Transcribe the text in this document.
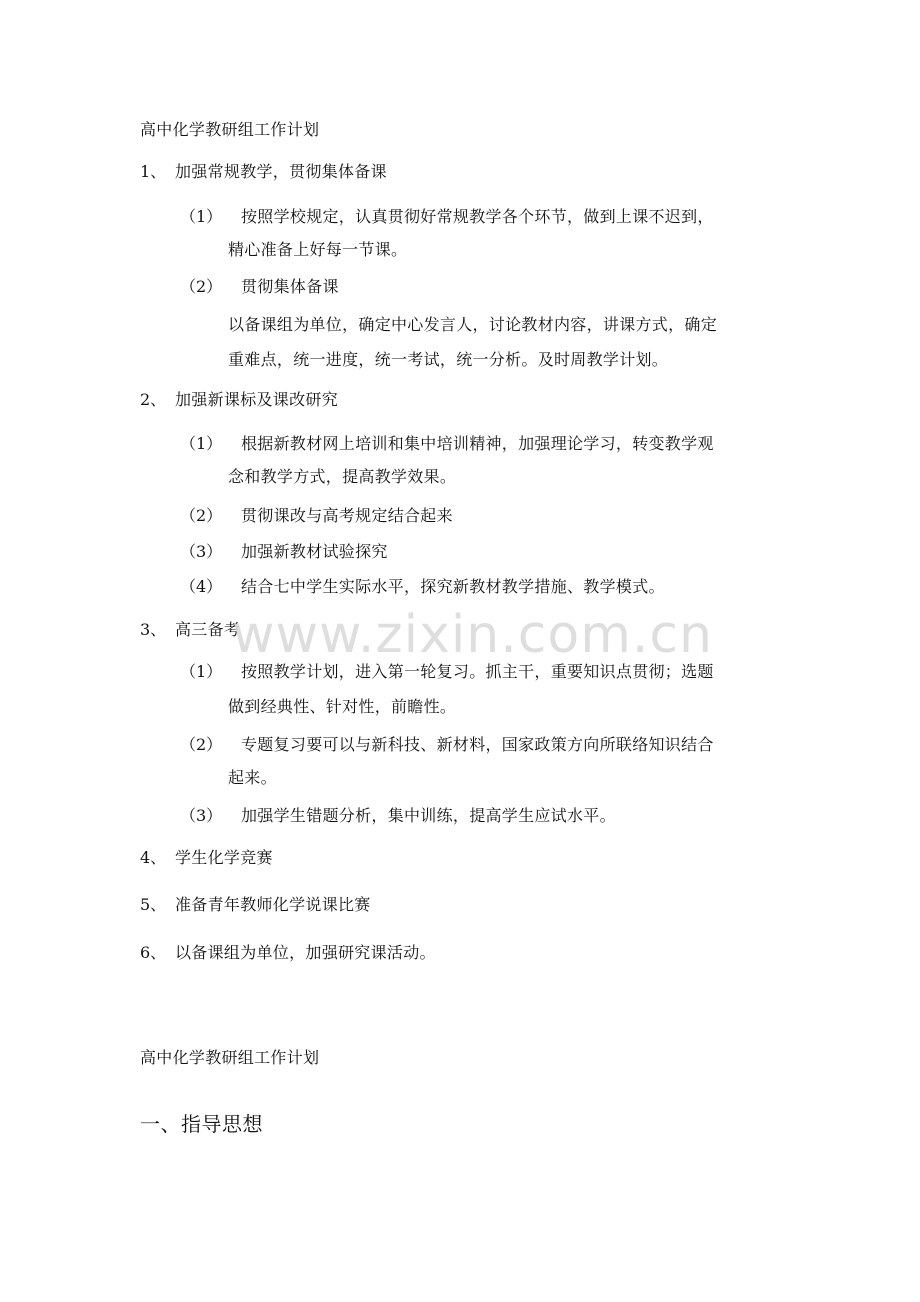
高中化学教研组工作计划
1、 加强常规教学，贯彻集体备课
（1） 按照学校规定，认真贯彻好常规教学各个环节，做到上课不迟到，
精心准备上好每一节课。
（2） 贯彻集体备课
以备课组为单位，确定中心发言人，讨论教材内容，讲课方式，确定
重难点，统一进度，统一考试，统一分析。及时周教学计划。
2、 加强新课标及课改研究
（1） 根据新教材网上培训和集中培训精神，加强理论学习，转变教学观
念和教学方式，提高教学效果。
（2） 贯彻课改与高考规定结合起来
（3） 加强新教材试验探究
（4） 结合七中学生实际水平，探究新教材教学措施、教学模式。
3、 高三备考
（1） 按照教学计划，进入第一轮复习。抓主干，重要知识点贯彻；选题
做到经典性、针对性，前瞻性。
（2） 专题复习要可以与新科技、新材料，国家政策方向所联络知识结合
起来。
（3） 加强学生错题分析，集中训练，提高学生应试水平。
4、 学生化学竞赛
5、 准备青年教师化学说课比赛
6、 以备课组为单位，加强研究课活动。
高中化学教研组工作计划
一、指导思想
www.zixin.com.cn
